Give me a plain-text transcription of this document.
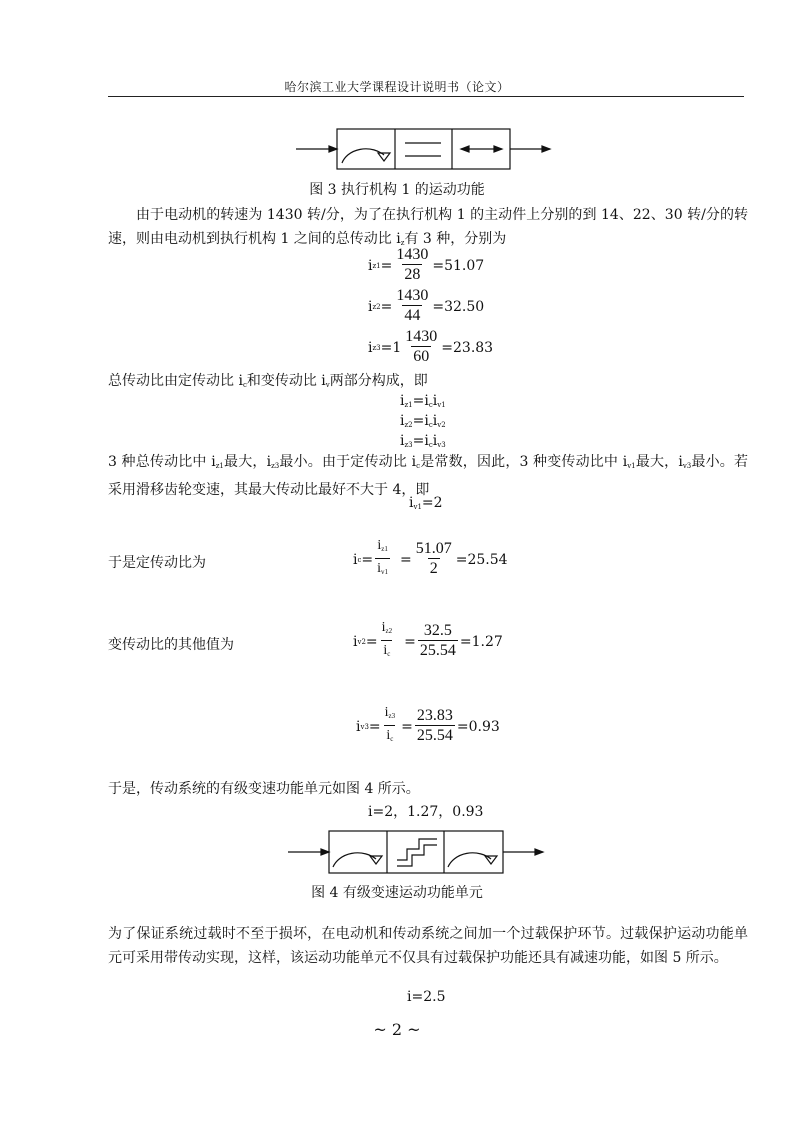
哈尔滨工业大学课程设计说明书（论文）
图 3 执行机构 1 的运动功能
由于电动机的转速为 1430 转/分，为了在执行机构 1 的主动件上分别的到 14、22、30 转/分的转速，则由电动机到执行机构 1 之间的总传动比 $i_z$有 3 种，分别为
i $z1 = \frac{1430}{28} =51.07$
i $z2 = \frac{1430}{44} =32.50$
i $z3 =1 \frac{1430}{60} =23.83$
总传动比由定传动比 $i_c$和变传动比 $i_v$两部分构成，即
$i_{z1}=i_ci_{v1}$
$i_{z2}=i_ci_{v2}$
$i_{z3}=i_ci_{v3}$
3 种总传动比中 $i_{z1}$最大，$i_{z3}$最小。由于定传动比 $i_c$是常数，因此，3 种变传动比中 $i_{v1}$最大，$i_{v3}$最小。若采用滑移齿轮变速，其最大传动比最好不大于 4，即
$i_{v1}=2$
于是定传动比为	i $c = \frac{i_{z1}}{i_{v1}} = \frac{51.07}{2} =25.54$
变传动比的其他值为	i $v2 = \frac{i_{z2}}{i_c} = \frac{32.5}{25.54} =1.27$
i $v3 = \frac{i_{z3}}{i_c} = \frac{23.83}{25.54} =0.93$
于是，传动系统的有级变速功能单元如图 4 所示。
i=2，1.27，0.93
图 4 有级变速运动功能单元
为了保证系统过载时不至于损坏，在电动机和传动系统之间加一个过载保护环节。过载保护运动功能单元可采用带传动实现，这样，该运动功能单元不仅具有过载保护功能还具有减速功能，如图 5 所示。
i=2.5
~ 2 ~
